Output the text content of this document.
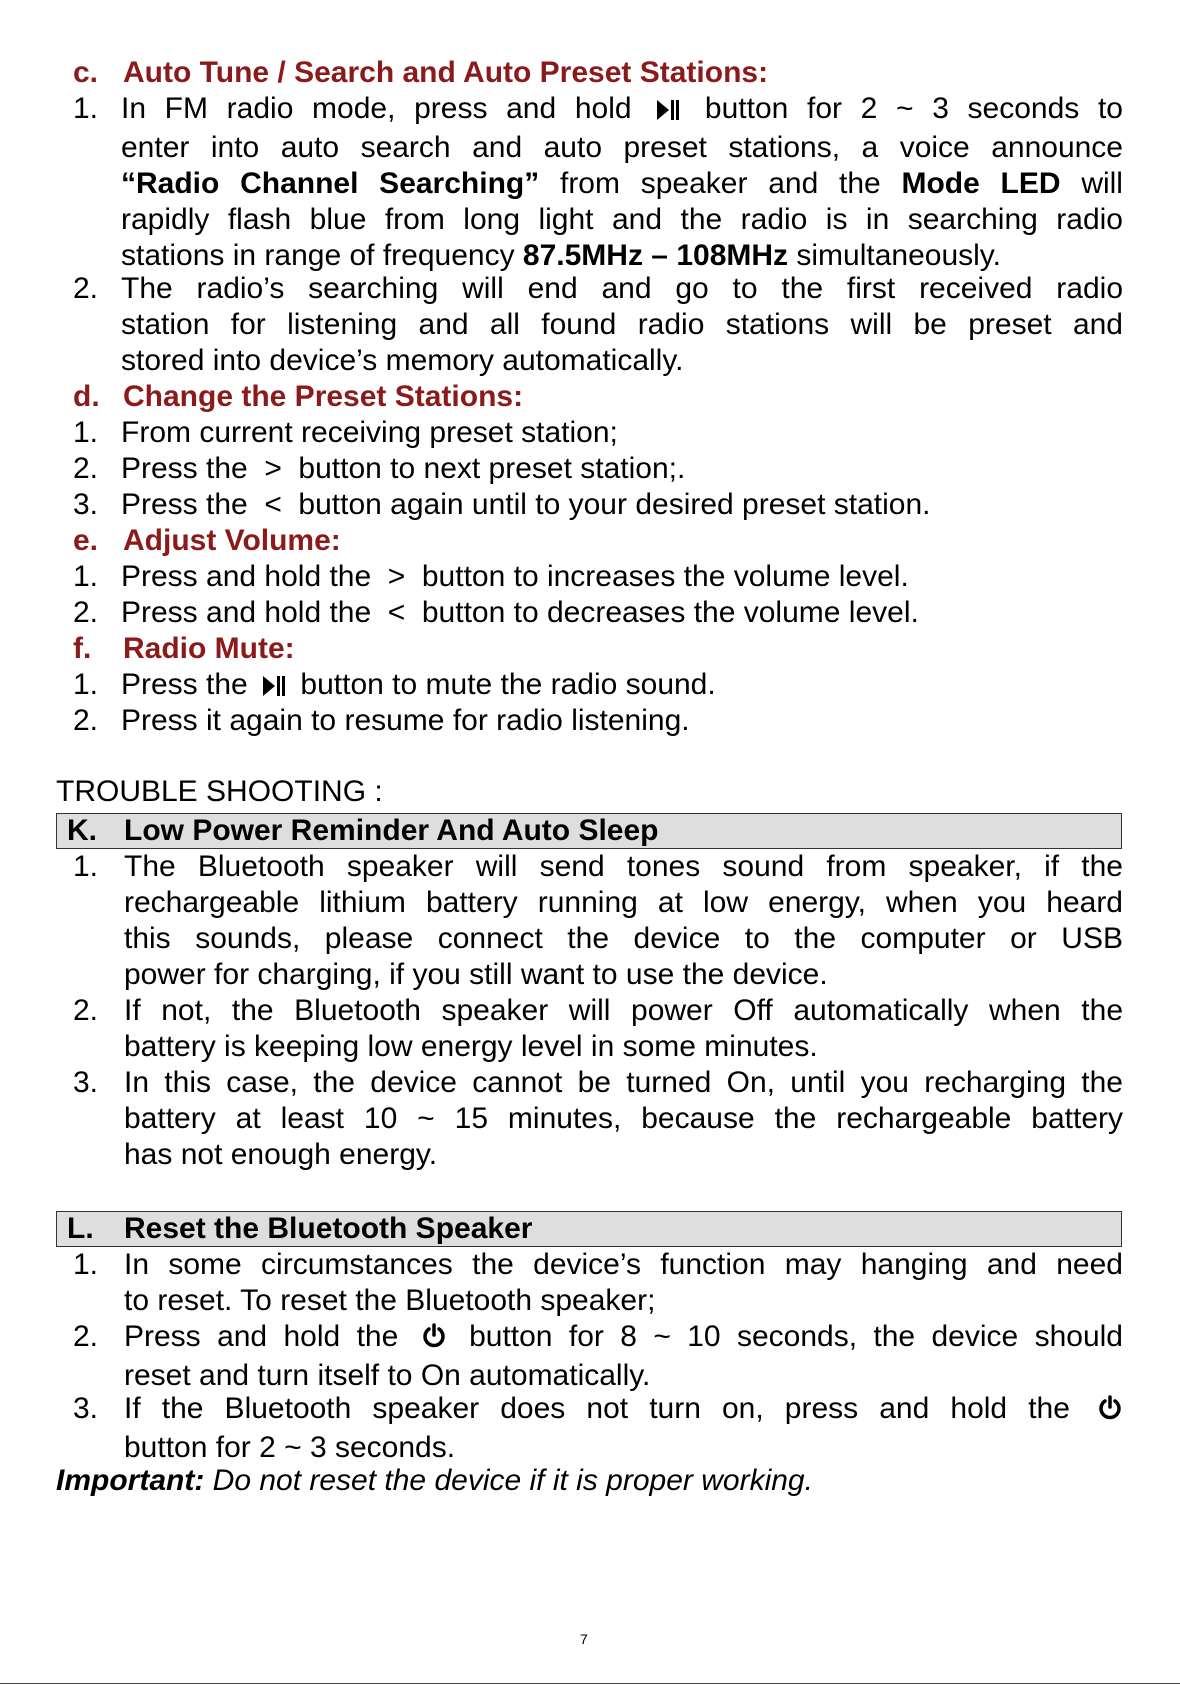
c. Auto Tune / Search and Auto Preset Stations:
1. In FM radio mode, press and hold button for 2 ~ 3 seconds to
enter into auto search and auto preset stations, a voice announce
“Radio Channel Searching” from speaker and the Mode LED will
rapidly flash blue from long light and the radio is in searching radio
stations in range of frequency 87.5MHz – 108MHz simultaneously.
2. The radio’s searching will end and go to the first received radio
station for listening and all found radio stations will be preset and
stored into device’s memory automatically.
d. Change the Preset Stations:
1. From current receiving preset station;
2. Press the > button to next preset station;.
3. Press the < button again until to your desired preset station.
e. Adjust Volume:
1. Press and hold the > button to increases the volume level.
2. Press and hold the < button to decreases the volume level.
f. Radio Mute:
1. Press the button to mute the radio sound.
2. Press it again to resume for radio listening.
TROUBLE SHOOTING :
K. Low Power Reminder And Auto Sleep
1. The Bluetooth speaker will send tones sound from speaker, if the
rechargeable lithium battery running at low energy, when you heard
this sounds, please connect the device to the computer or USB
power for charging, if you still want to use the device.
2. If not, the Bluetooth speaker will power Off automatically when the
battery is keeping low energy level in some minutes.
3. In this case, the device cannot be turned On, until you recharging the
battery at least 10 ~ 15 minutes, because the rechargeable battery
has not enough energy.
L. Reset the Bluetooth Speaker
1. In some circumstances the device’s function may hanging and need
to reset. To reset the Bluetooth speaker;
2. Press and hold the button for 8 ~ 10 seconds, the device should
reset and turn itself to On automatically.
3. If the Bluetooth speaker does not turn on, press and hold the
button for 2 ~ 3 seconds.
Important: Do not reset the device if it is proper working.
7
